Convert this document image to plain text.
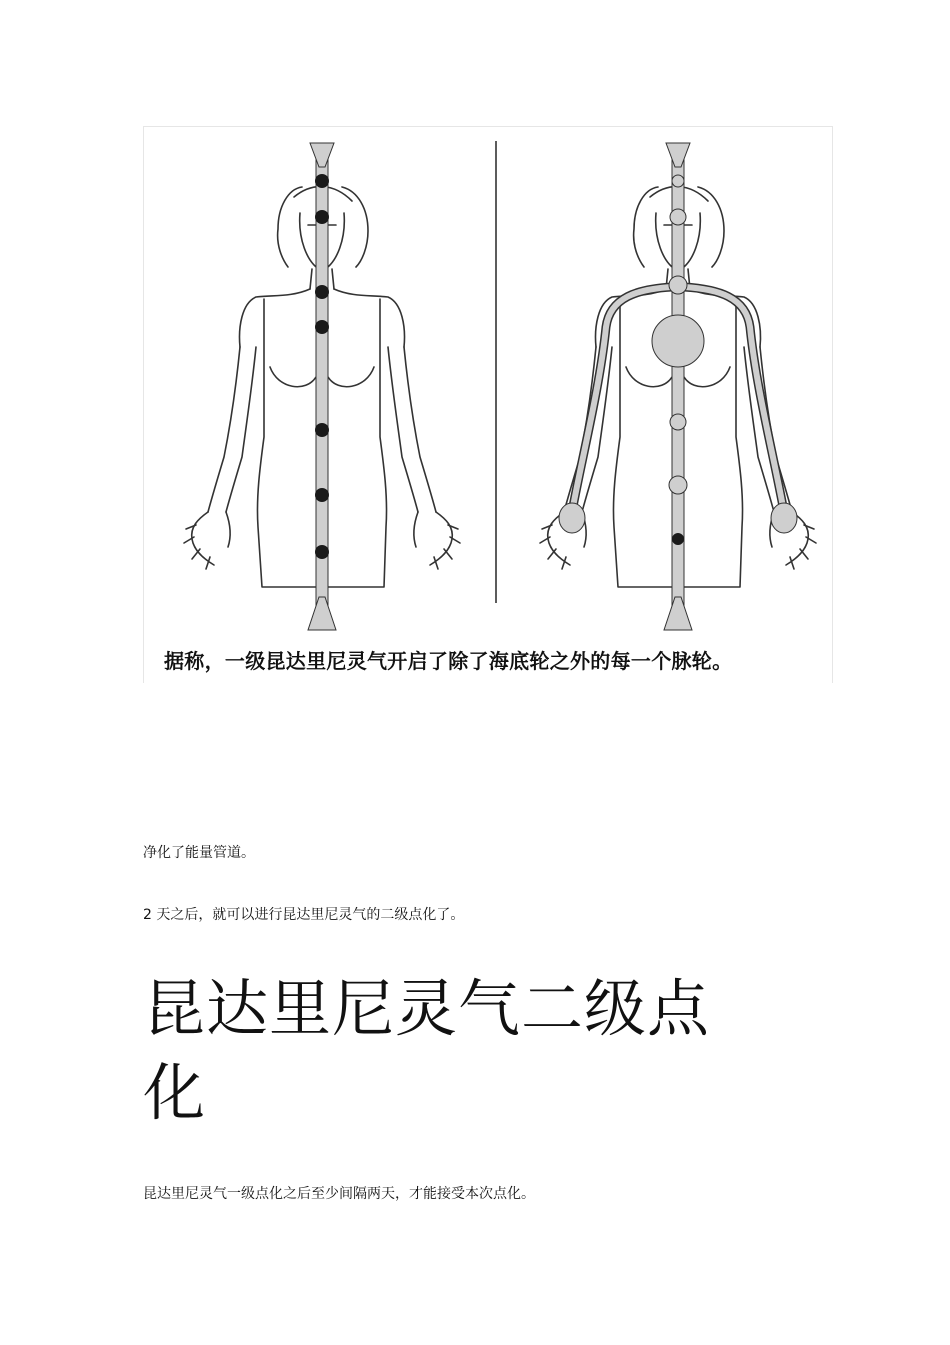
据称，一级昆达里尼灵气开启了除了海底轮之外的每一个脉轮。
净化了能量管道。
2 天之后，就可以进行昆达里尼灵气的二级点化了。
昆达里尼灵气二级点
化
昆达里尼灵气一级点化之后至少间隔两天，才能接受本次点化。
